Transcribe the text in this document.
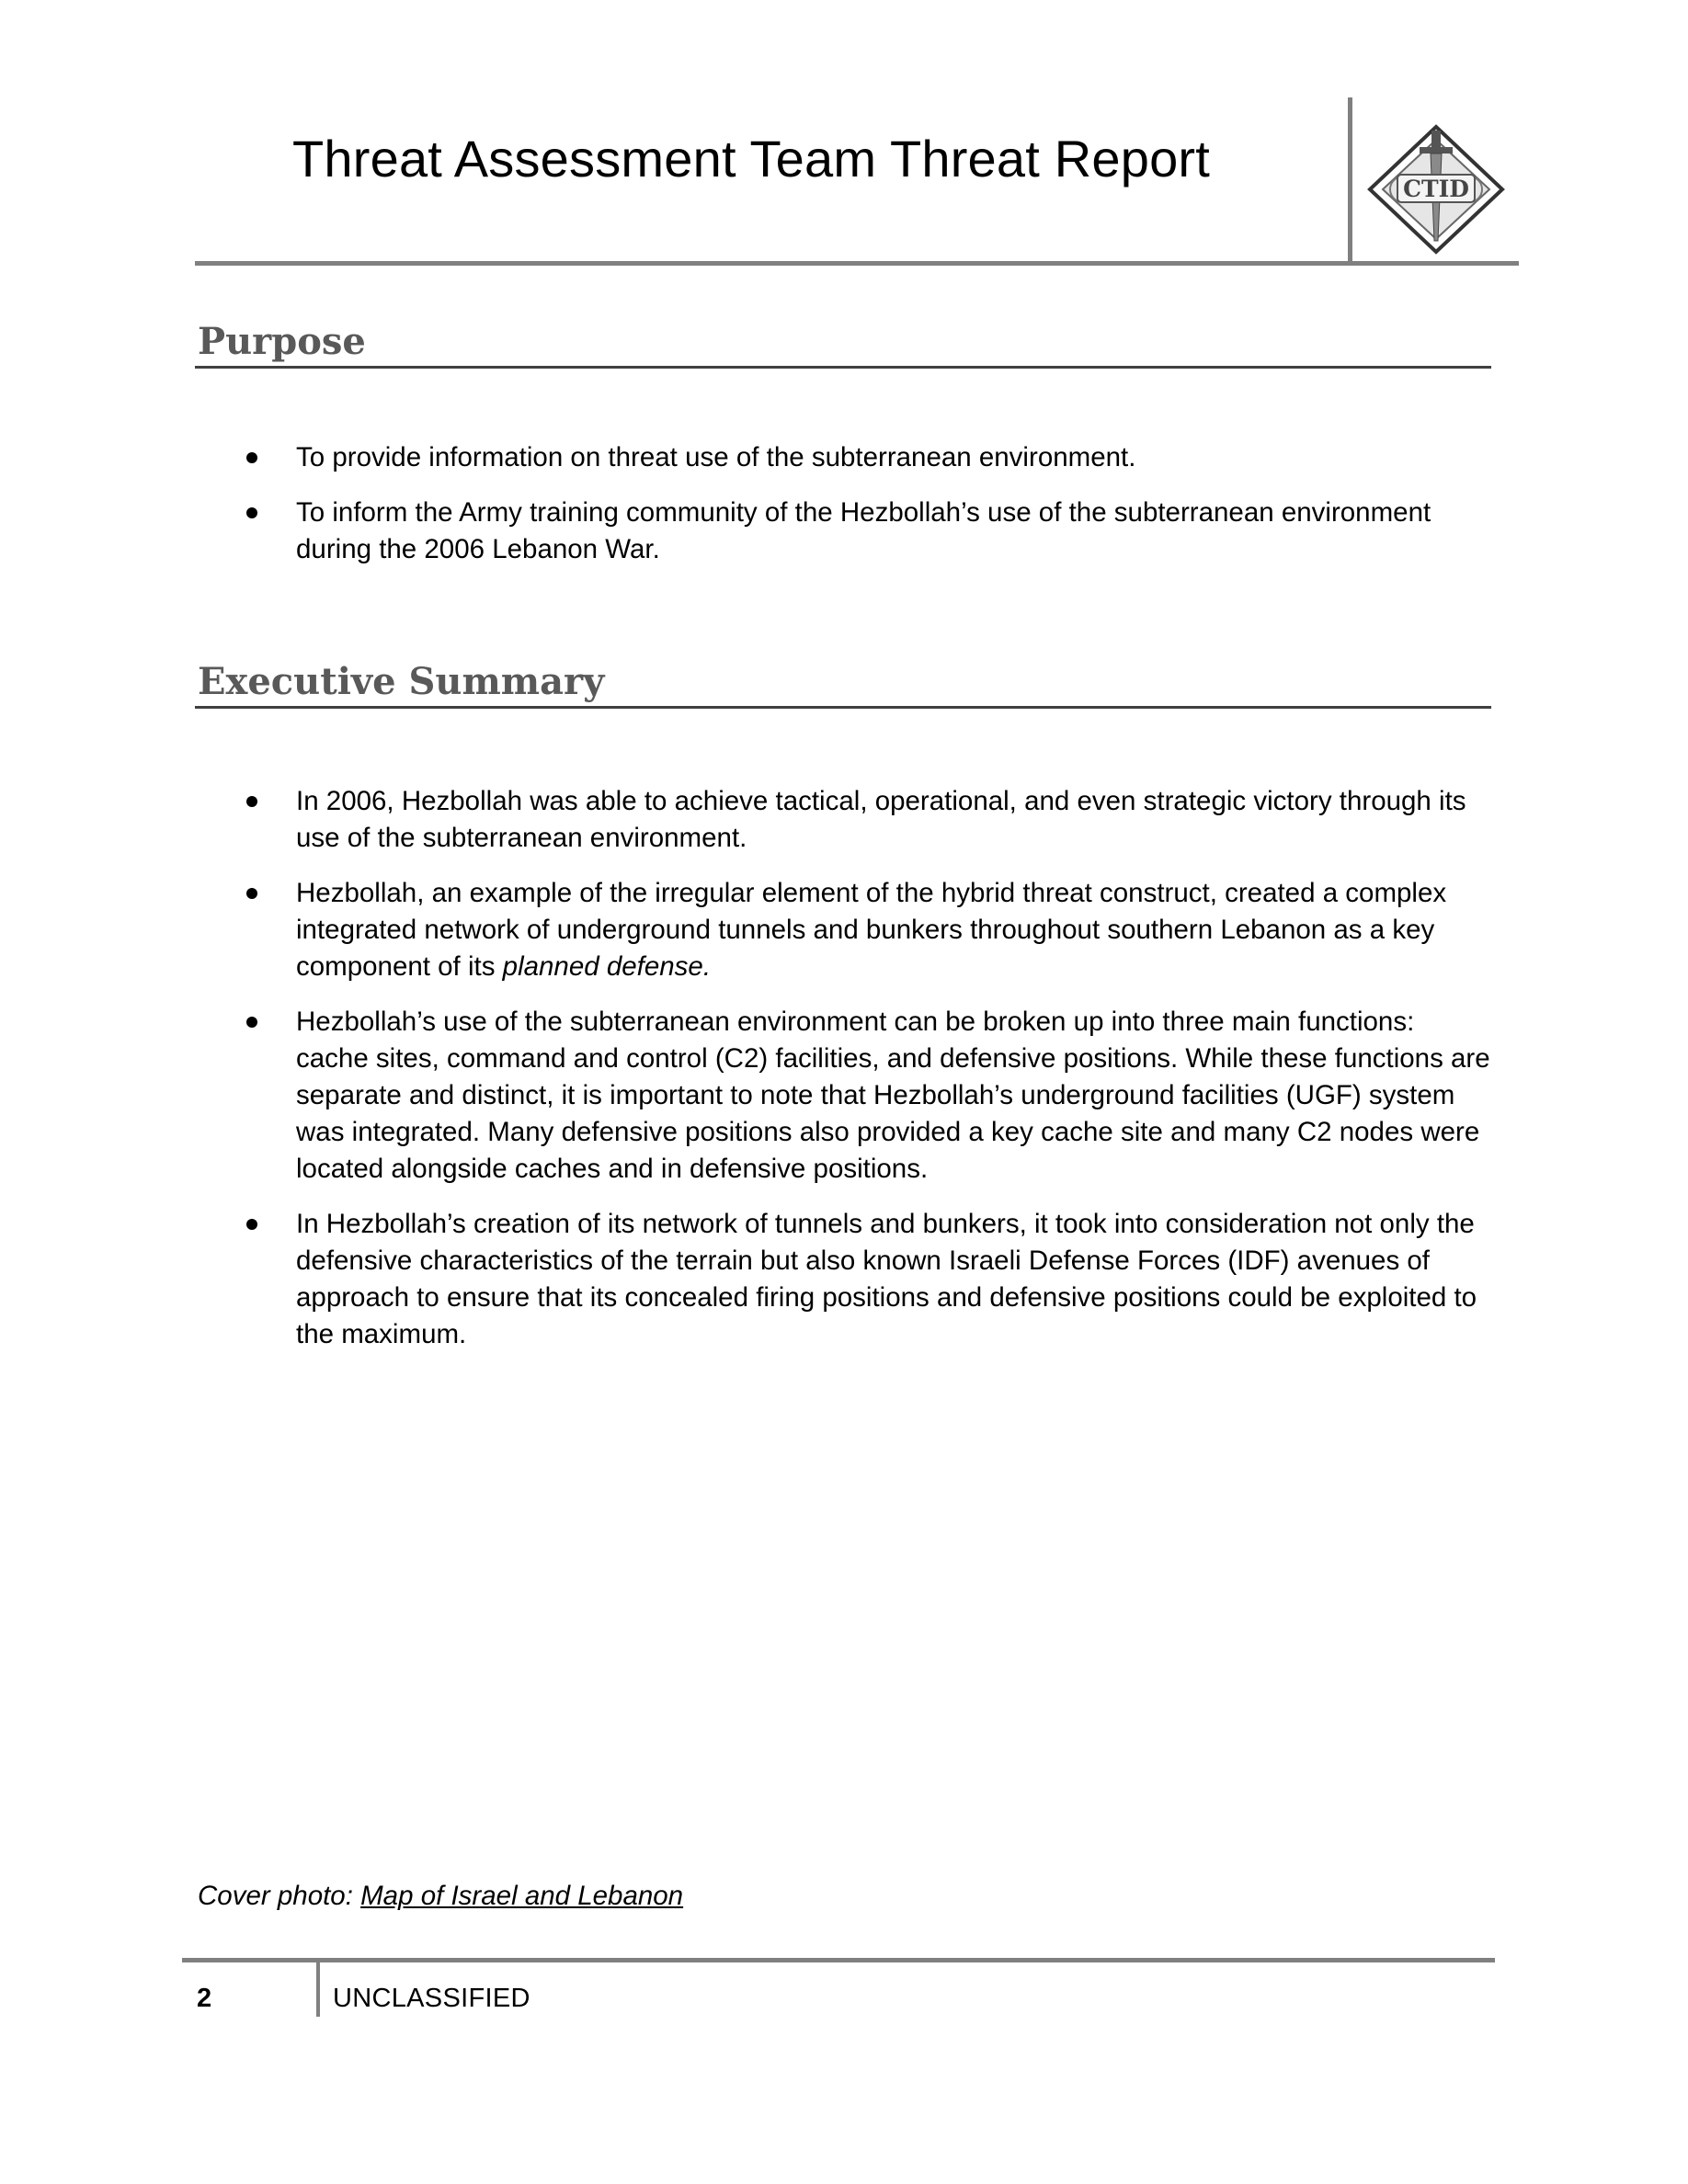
Threat Assessment Team Threat Report
CTID
Purpose
To provide information on threat use of the subterranean environment.
To inform the Army training community of the Hezbollah’s use of the subterranean environment during the 2006 Lebanon War.
Executive Summary
In 2006, Hezbollah was able to achieve tactical, operational, and even strategic victory through its use of the subterranean environment.
Hezbollah, an example of the irregular element of the hybrid threat construct, created a complex integrated network of underground tunnels and bunkers throughout southern Lebanon as a key component of its planned defense.
Hezbollah’s use of the subterranean environment can be broken up into three main functions: cache sites, command and control (C2) facilities, and defensive positions. While these functions are separate and distinct, it is important to note that Hezbollah’s underground facilities (UGF) system was integrated. Many defensive positions also provided a key cache site and many C2 nodes were located alongside caches and in defensive positions.
In Hezbollah’s creation of its network of tunnels and bunkers, it took into consideration not only the defensive characteristics of the terrain but also known Israeli Defense Forces (IDF) avenues of approach to ensure that its concealed firing positions and defensive positions could be exploited to the maximum.
Cover photo: Map of Israel and Lebanon
2	UNCLASSIFIED
